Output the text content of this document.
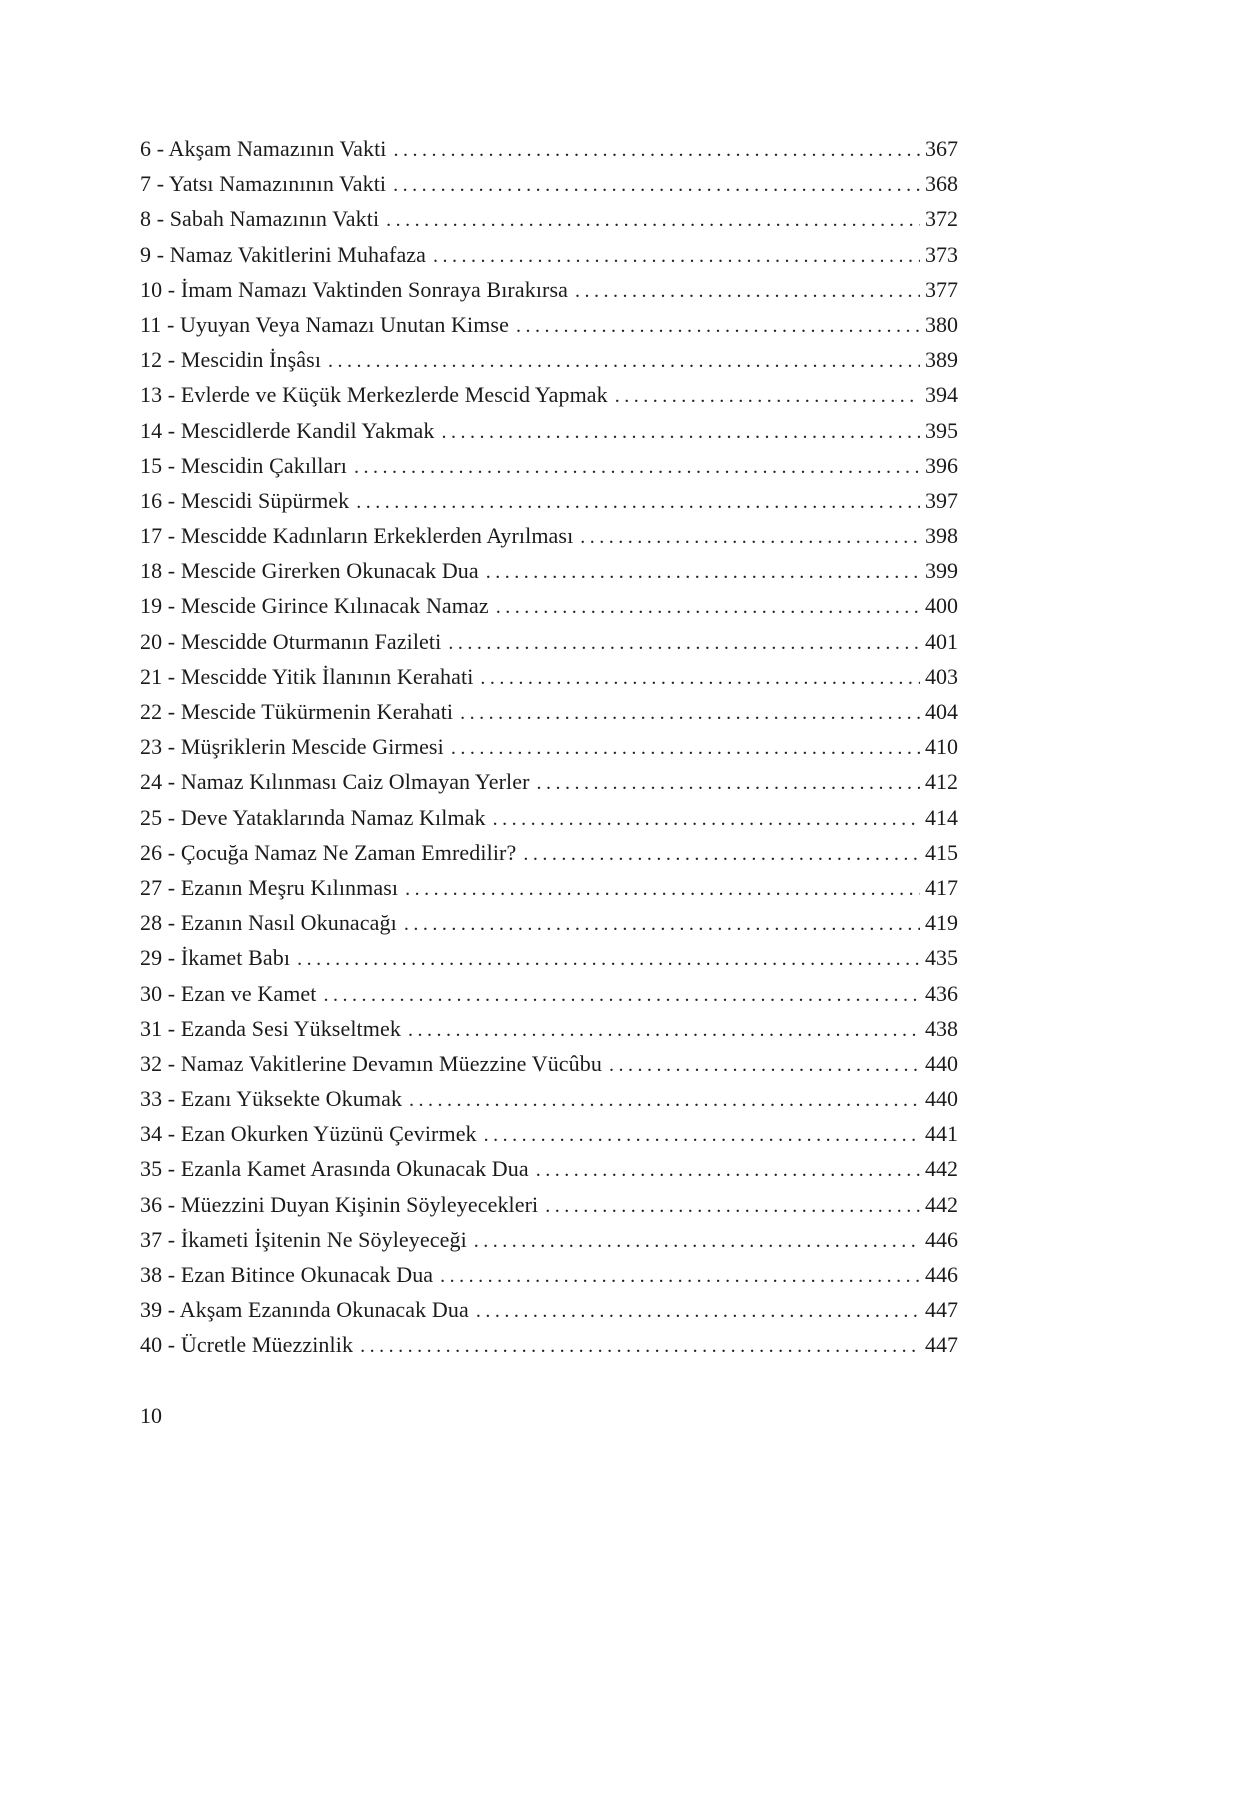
6 - Akşam Namazının Vakti .....	367
7 - Yatsı Namazınının Vakti .....	368
8 - Sabah Namazının Vakti .....	372
9 - Namaz Vakitlerini Muhafaza .....	373
10 - İmam Namazı Vaktinden Sonraya Bırakırsa .....	377
11 - Uyuyan Veya Namazı Unutan Kimse .....	380
12 - Mescidin İnşâsı .....	389
13 - Evlerde ve Küçük Merkezlerde Mescid Yapmak .....	394
14 - Mescidlerde Kandil Yakmak .....	395
15 - Mescidin Çakılları .....	396
16 - Mescidi Süpürmek .....	397
17 - Mescidde Kadınların Erkeklerden Ayrılması .....	398
18 - Mescide Girerken Okunacak Dua .....	399
19 - Mescide Girince Kılınacak Namaz .....	400
20 - Mescidde Oturmanın Fazileti .....	401
21 - Mescidde Yitik İlanının Kerahati .....	403
22 - Mescide Tükürmenin Kerahati .....	404
23 - Müşriklerin Mescide Girmesi .....	410
24 - Namaz Kılınması Caiz Olmayan Yerler .....	412
25 - Deve Yataklarında Namaz Kılmak .....	414
26 - Çocuğa Namaz Ne Zaman Emredilir? .....	415
27 - Ezanın Meşru Kılınması .....	417
28 - Ezanın Nasıl Okunacağı .....	419
29 - İkamet Babı .....	435
30 - Ezan ve Kamet .....	436
31 - Ezanda Sesi Yükseltmek .....	438
32 - Namaz Vakitlerine Devamın Müezzine Vücûbu .....	440
33 - Ezanı Yüksekte Okumak .....	440
34 - Ezan Okurken Yüzünü Çevirmek .....	441
35 - Ezanla Kamet Arasında Okunacak Dua .....	442
36 - Müezzini Duyan Kişinin Söyleyecekleri .....	442
37 - İkameti İşitenin Ne Söyleyeceği .....	446
38 - Ezan Bitince Okunacak Dua .....	446
39 - Akşam Ezanında Okunacak Dua .....	447
40 - Ücretle Müezzinlik .....	447
10
